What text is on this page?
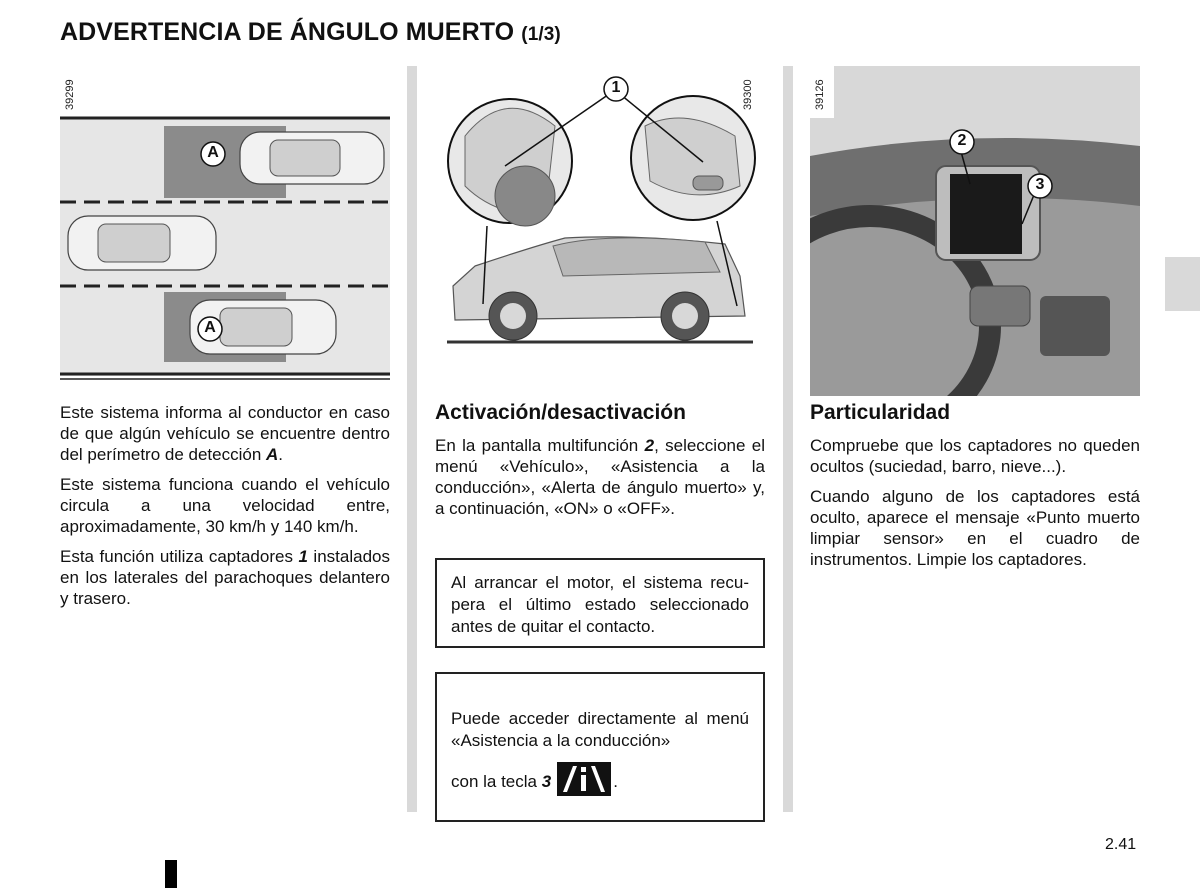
ADVERTENCIA DE ÁNGULO MUERTO (1/3)
A
A
39299	1	39300
2
3
39126

Este sistema informa al conductor en caso de que algún vehículo se encuentre dentro del perímetro de detección A.

Este sistema funciona cuando el vehículo circula a una velocidad entre, aproximadamente, 30 km/h y 140 km/h.

Esta función utiliza captadores 1 instalados en los laterales del parachoques delantero y trasero.

Activación/desactivación

En la pantalla multifunción 2, seleccione el menú «Vehículo», «Asistencia a la conducción», «Alerta de ángulo muerto» y, a continuación, «ON» o «OFF».

Al arrancar el motor, el sistema recupera el último estado seleccionado antes de quitar el contacto.
Puede acceder directamente al menú «Asistencia a la conducción»
con la tecla 3	.
Particularidad

Compruebe que los captadores no queden ocultos (suciedad, barro, nieve...).

Cuando alguno de los captadores está oculto, aparece el mensaje «Punto muerto limpiar sensor» en el cuadro de instrumentos. Limpie los captadores.

2.41
